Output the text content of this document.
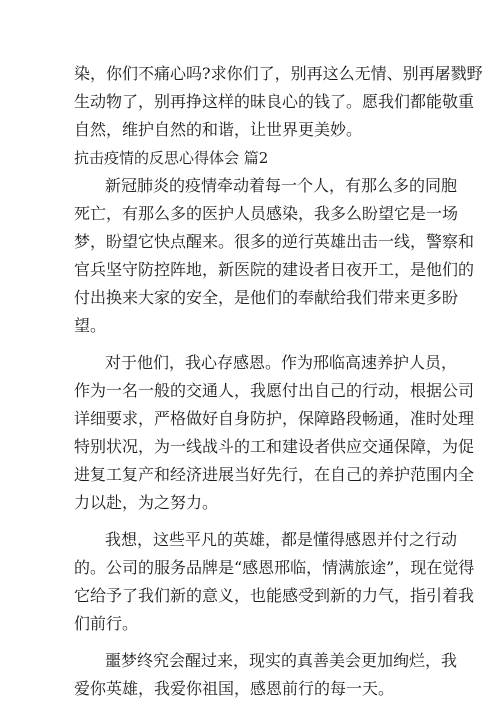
染，你们不痛心吗?求你们了，别再这么无情、别再屠戮野
生动物了，别再挣这样的昧良心的钱了。愿我们都能敬重
自然，维护自然的和谐，让世界更美妙。
抗击疫情的反思心得体会 篇2
新冠肺炎的疫情牵动着每一个人，有那么多的同胞
死亡，有那么多的医护人员感染，我多么盼望它是一场
梦，盼望它快点醒来。很多的逆行英雄出击一线，警察和
官兵坚守防控阵地，新医院的建设者日夜开工，是他们的
付出换来大家的安全，是他们的奉献给我们带来更多盼
望。
对于他们，我心存感恩。作为邢临高速养护人员，
作为一名一般的交通人，我愿付出自己的行动，根据公司
详细要求，严格做好自身防护，保障路段畅通，准时处理
特别状况，为一线战斗的工和建设者供应交通保障，为促
进复工复产和经济进展当好先行，在自己的养护范围内全
力以赴，为之努力。
我想，这些平凡的英雄，都是懂得感恩并付之行动
的。公司的服务品牌是“感恩邢临，情满旅途”，现在觉得
它给予了我们新的意义，也能感受到新的力气，指引着我
们前行。
噩梦终究会醒过来，现实的真善美会更加绚烂，我
爱你英雄，我爱你祖国，感恩前行的每一天。
